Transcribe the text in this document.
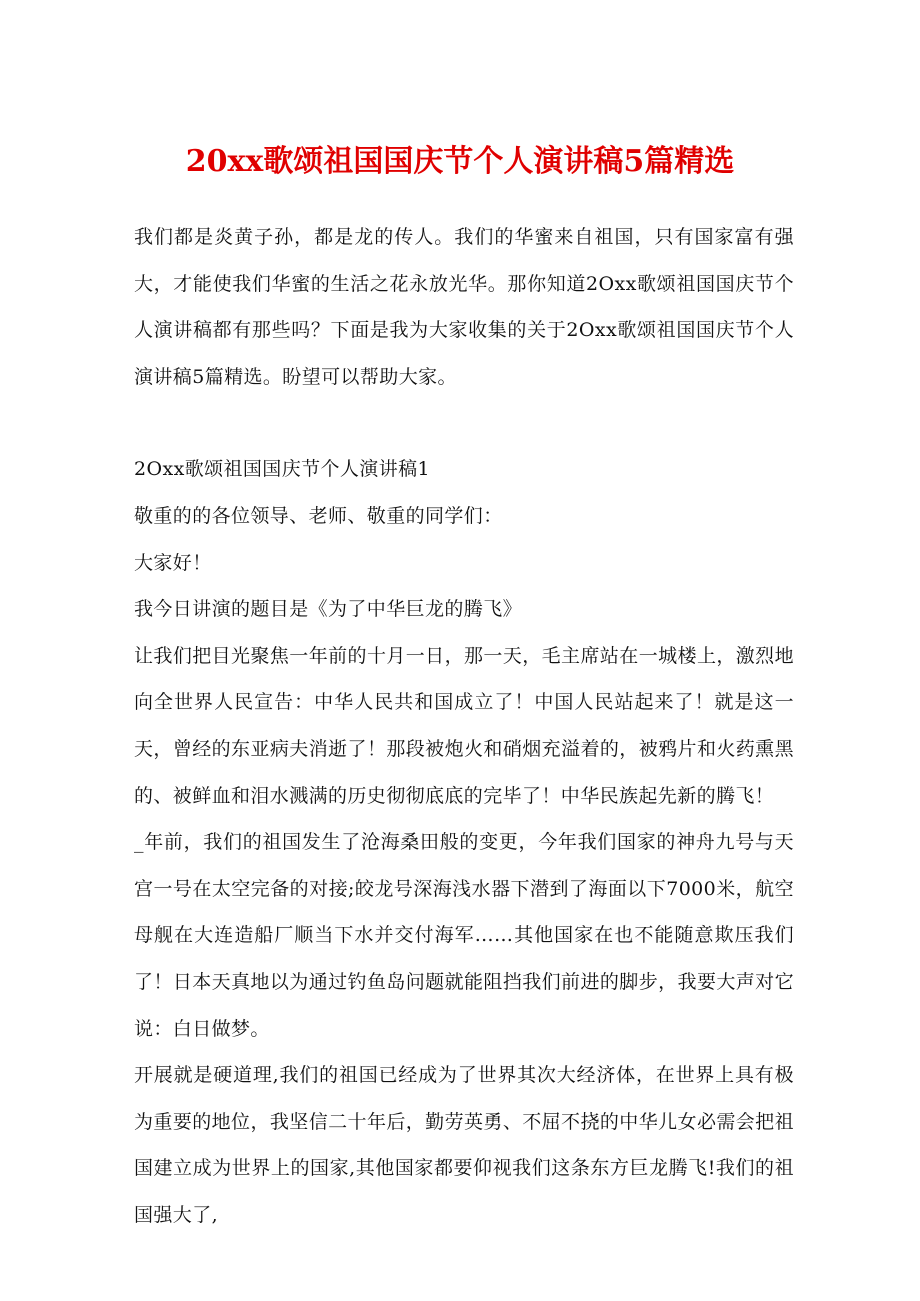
20xx歌颂祖国国庆节个人演讲稿5篇精选

我们都是炎黄子孙，都是龙的传人。我们的华蜜来自祖国，只有国家富有强大，才能使我们华蜜的生活之花永放光华。那你知道2Oxx歌颂祖国国庆节个人演讲稿都有那些吗？下面是我为大家收集的关于2Oxx歌颂祖国国庆节个人演讲稿5篇精选。盼望可以帮助大家。

2Oxx歌颂祖国国庆节个人演讲稿1

敬重的的各位领导、老师、敬重的同学们：

大家好！

我今日讲演的题目是《为了中华巨龙的腾飞》

让我们把目光聚焦一年前的十月一日，那一天，毛主席站在一城楼上，激烈地向全世界人民宣告：中华人民共和国成立了！中国人民站起来了！就是这一天，曾经的东亚病夫消逝了！那段被炮火和硝烟充溢着的，被鸦片和火药熏黑的、被鲜血和泪水溅满的历史彻彻底底的完毕了！中华民族起先新的腾飞！

_年前，我们的祖国发生了沧海桑田般的变更，今年我们国家的神舟九号与天宫一号在太空完备的对接;皎龙号深海浅水器下潜到了海面以下7000米，航空母舰在大连造船厂顺当下水并交付海军……其他国家在也不能随意欺压我们了！日本天真地以为通过钓鱼岛问题就能阻挡我们前进的脚步，我要大声对它说：白日做梦。

开展就是硬道理,我们的祖国已经成为了世界其次大经济体，在世界上具有极为重要的地位，我坚信二十年后，勤劳英勇、不屈不挠的中华儿女必需会把祖国建立成为世界上的国家,其他国家都要仰视我们这条东方巨龙腾飞!我们的祖国强大了,
